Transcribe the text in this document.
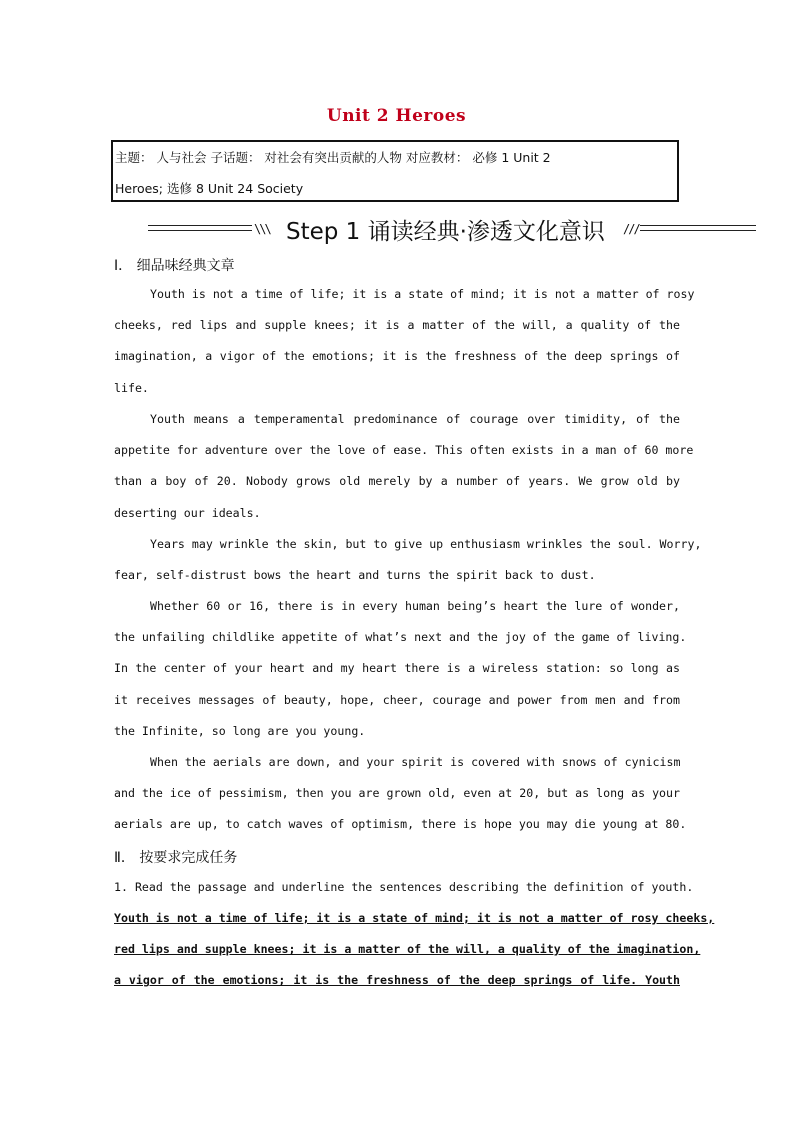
Unit 2 Heroes
主题： 人与社会 子话题： 对社会有突出贡献的人物 对应教材： 必修 1 Unit 2
Heroes; 选修 8 Unit 24 Society
\\\ Step 1 诵读经典·渗透文化意识 ///
Ⅰ． 细品味经典文章
Youth is not a time of life; it is a state of mind; it is not a matter of rosy
cheeks, red lips and supple knees; it is a matter of the will, a quality of the
imagination, a vigor of the emotions; it is the freshness of the deep springs of
life.
Youth means a temperamental predominance of courage over timidity, of the
appetite for adventure over the love of ease. This often exists in a man of 60 more
than a boy of 20. Nobody grows old merely by a number of years. We grow old by
deserting our ideals.
Years may wrinkle the skin, but to give up enthusiasm wrinkles the soul. Worry,
fear, self-distrust bows the heart and turns the spirit back to dust.
Whether 60 or 16, there is in every human being’s heart the lure of wonder,
the unfailing childlike appetite of what’s next and the joy of the game of living.
In the center of your heart and my heart there is a wireless station: so long as
it receives messages of beauty, hope, cheer, courage and power from men and from
the Infinite, so long are you young.
When the aerials are down, and your spirit is covered with snows of cynicism
and the ice of pessimism, then you are grown old, even at 20, but as long as your
aerials are up, to catch waves of optimism, there is hope you may die young at 80.
Ⅱ． 按要求完成任务
1. Read the passage and underline the sentences describing the definition of youth.
Youth is not a time of life; it is a state of mind; it is not a matter of rosy cheeks,
red lips and supple knees; it is a matter of the will, a quality of the imagination,
a vigor of the emotions; it is the freshness of the deep springs of life. Youth
